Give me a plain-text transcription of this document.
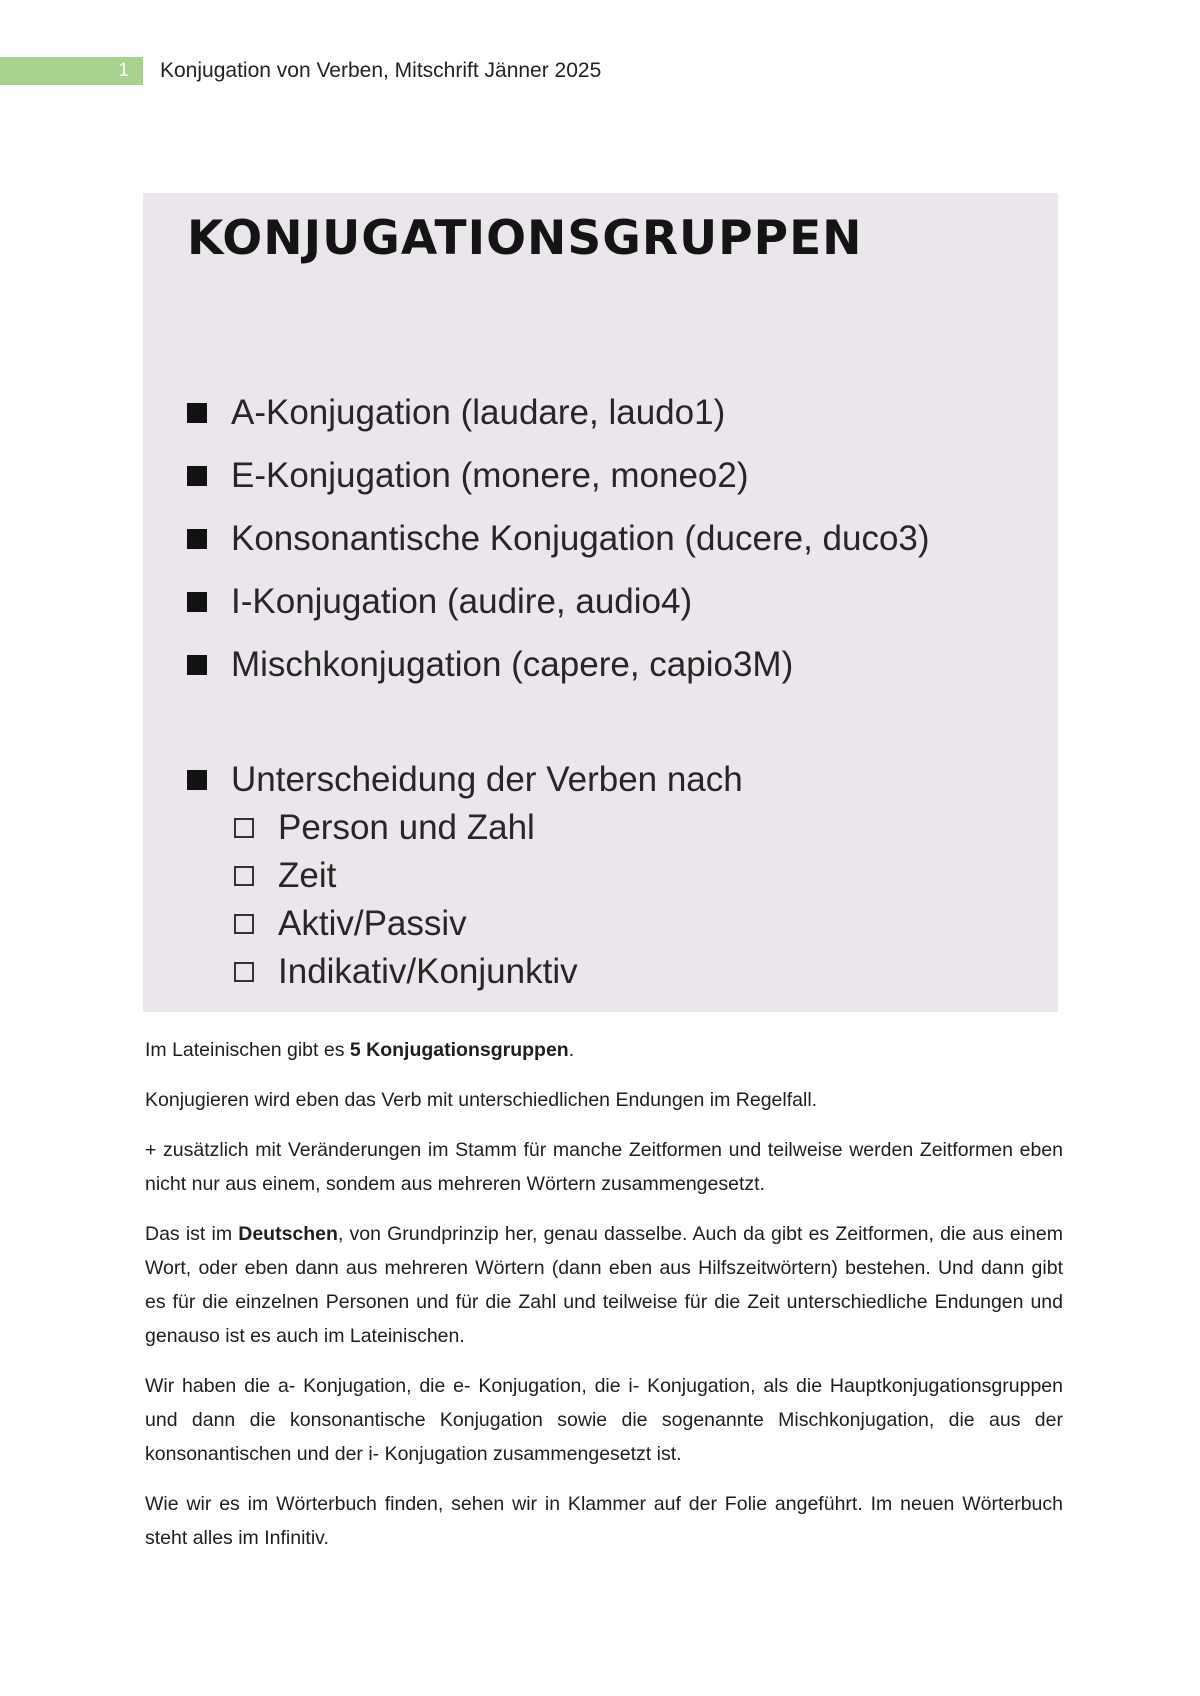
1	Konjugation von Verben, Mitschrift Jänner 2025
KONJUGATIONSGRUPPEN
A-Konjugation (laudare, laudo1)
E-Konjugation (monere, moneo2)
Konsonantische Konjugation (ducere, duco3)
I-Konjugation (audire, audio4)
Mischkonjugation (capere, capio3M)
Unterscheidung der Verben nach
Person und Zahl
Zeit
Aktiv/Passiv
Indikativ/Konjunktiv

Im Lateinischen gibt es 5 Konjugationsgruppen.

Konjugieren wird eben das Verb mit unterschiedlichen Endungen im Regelfall.

+ zusätzlich mit Veränderungen im Stamm für manche Zeitformen und teilweise werden Zeitformen eben nicht nur aus einem, sondem aus mehreren Wörtern zusammengesetzt.

Das ist im Deutschen, von Grundprinzip her, genau dasselbe. Auch da gibt es Zeitformen, die aus einem Wort, oder eben dann aus mehreren Wörtern (dann eben aus Hilfszeitwörtern) bestehen. Und dann gibt es für die einzelnen Personen und für die Zahl und teilweise für die Zeit unterschiedliche Endungen und genauso ist es auch im Lateinischen.

Wir haben die a- Konjugation, die e- Konjugation, die i- Konjugation, als die Hauptkonjugationsgruppen und dann die konsonantische Konjugation sowie die sogenannte Mischkonjugation, die aus der konsonantischen und der i- Konjugation zusammengesetzt ist.

Wie wir es im Wörterbuch finden, sehen wir in Klammer auf der Folie angeführt. Im neuen Wörterbuch steht alles im Infinitiv.
